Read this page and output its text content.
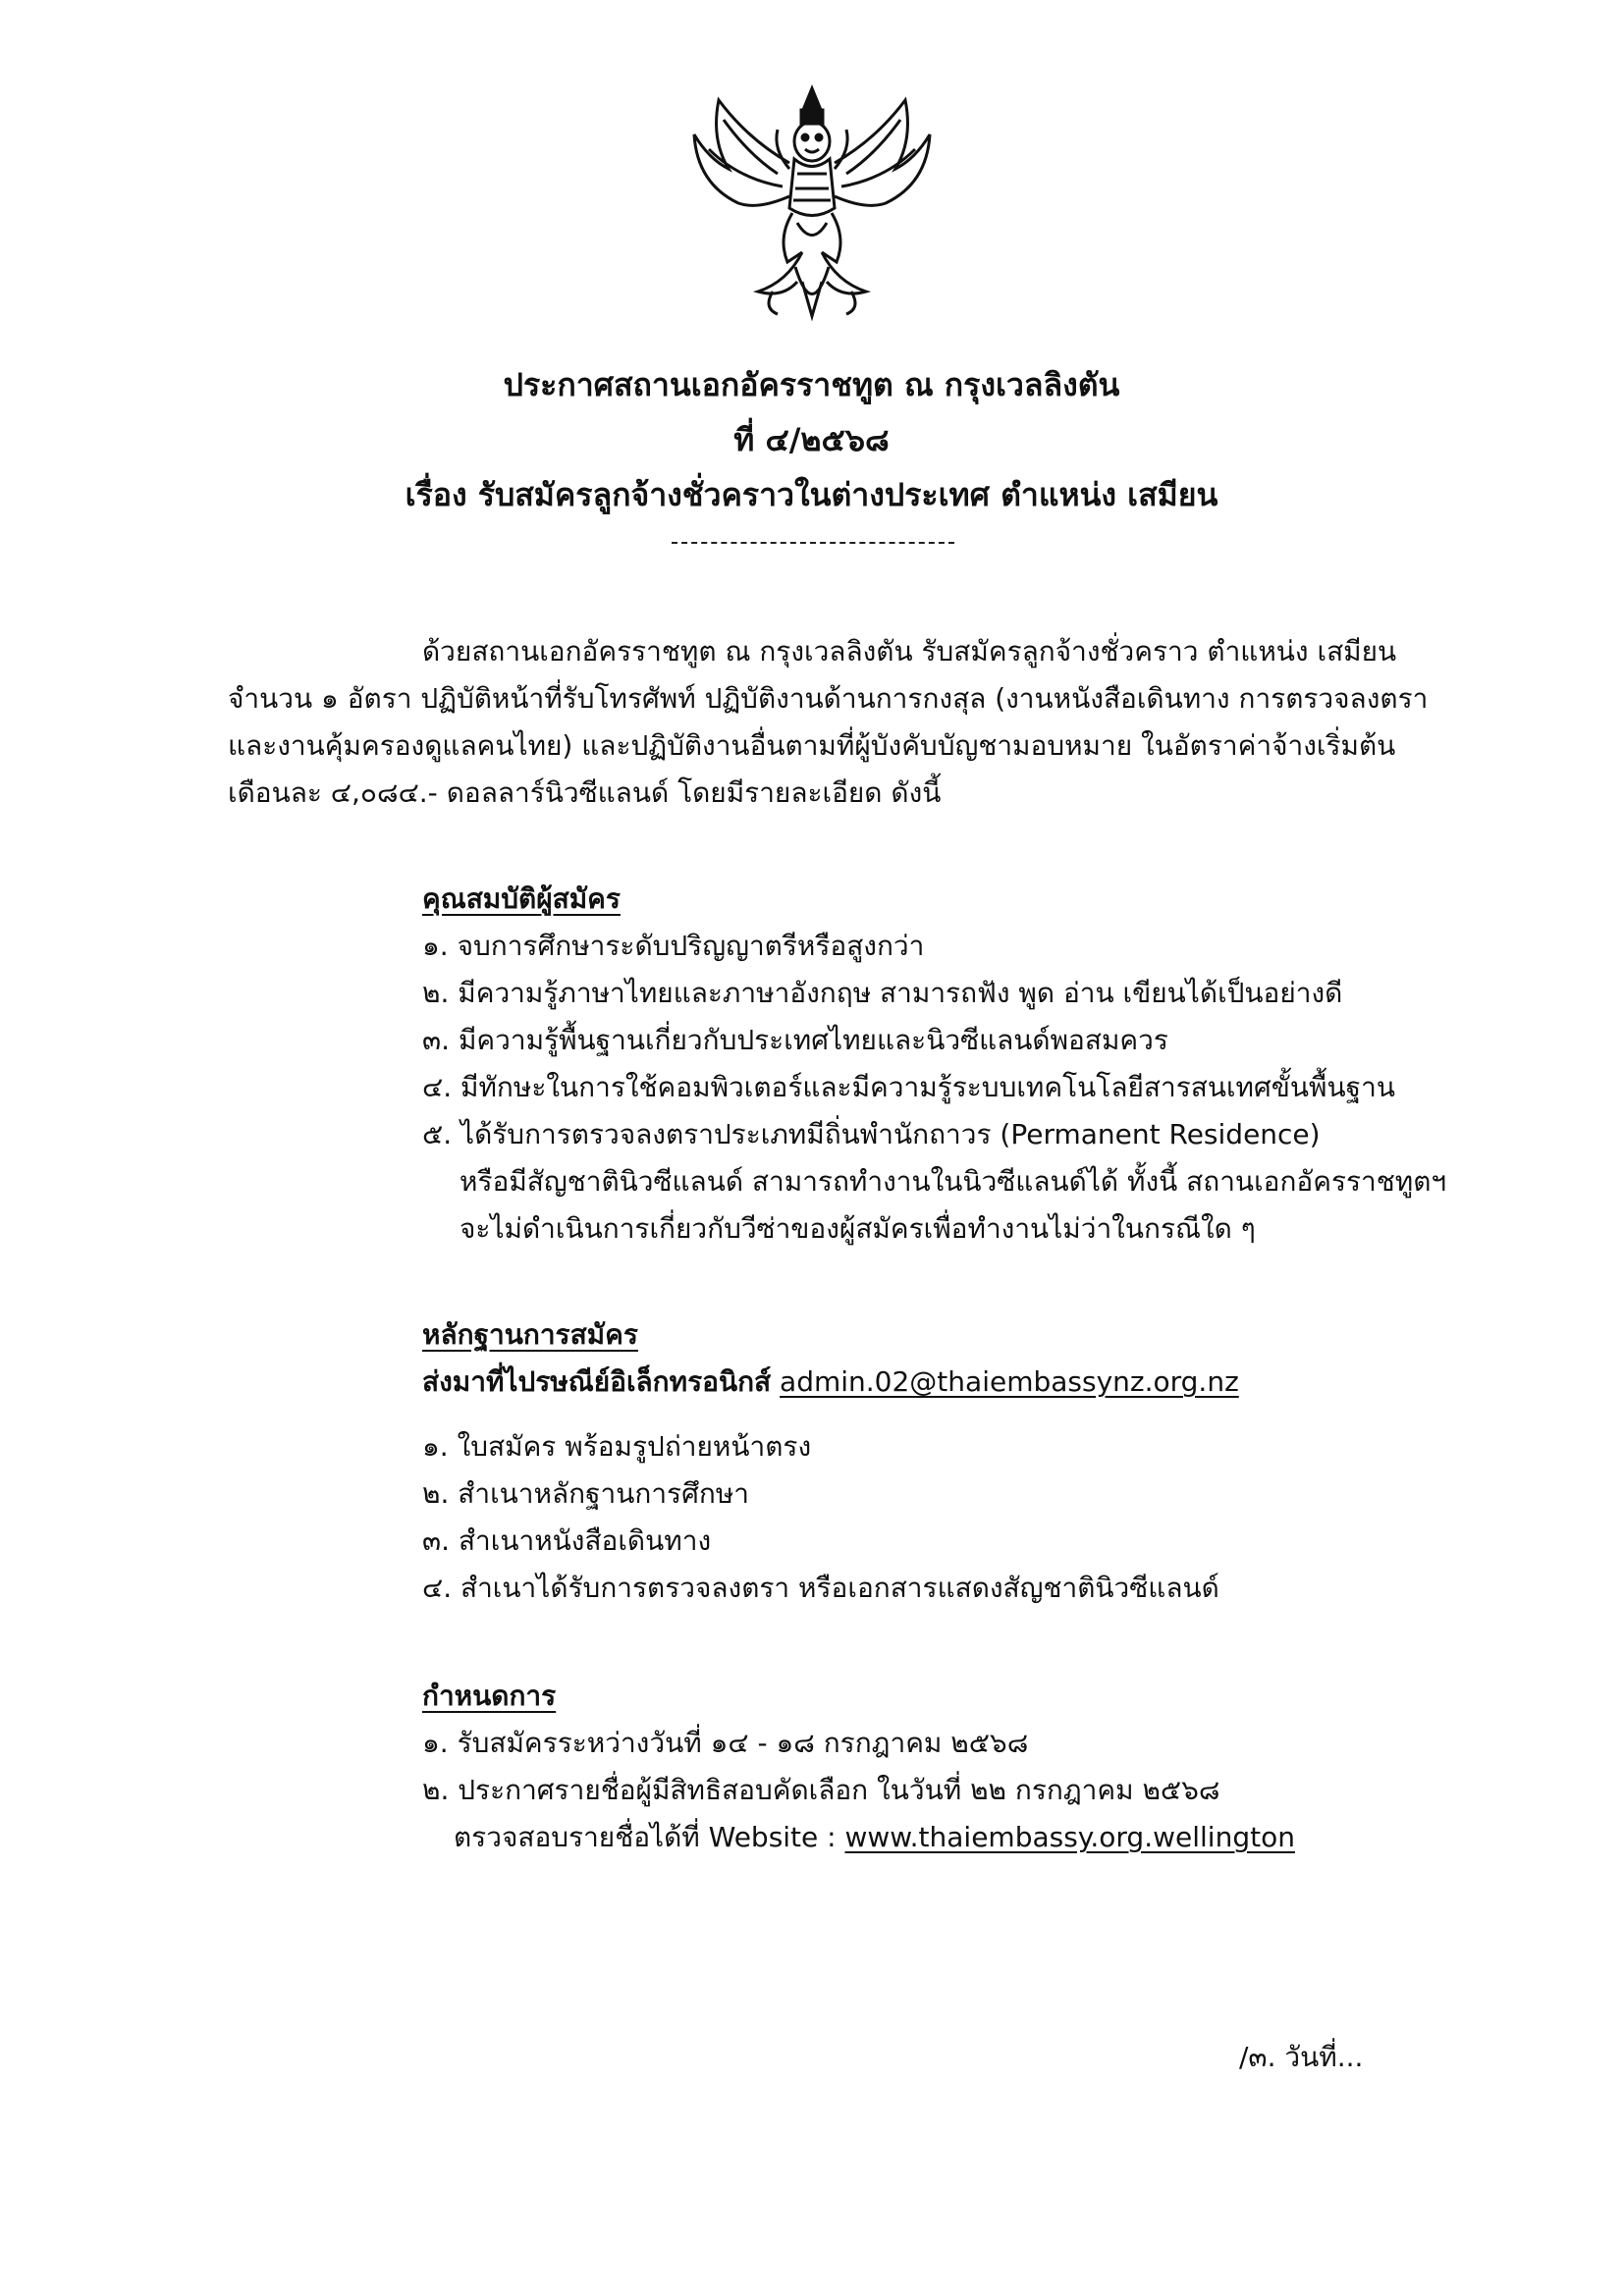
ประกาศสถานเอกอัครราชทูต ณ กรุงเวลลิงตัน
ที่ ๔/๒๕๖๘
เรื่อง รับสมัครลูกจ้างชั่วคราวในต่างประเทศ ตำแหน่ง เสมียน
ด้วยสถานเอกอัครราชทูต ณ กรุงเวลลิงตัน รับสมัครลูกจ้างชั่วคราว ตำแหน่ง เสมียน
จำนวน ๑ อัตรา ปฏิบัติหน้าที่รับโทรศัพท์ ปฏิบัติงานด้านการกงสุล (งานหนังสือเดินทาง การตรวจลงตรา
และงานคุ้มครองดูแลคนไทย) และปฏิบัติงานอื่นตามที่ผู้บังคับบัญชามอบหมาย ในอัตราค่าจ้างเริ่มต้น
เดือนละ ๔,๐๘๔.- ดอลลาร์นิวซีแลนด์ โดยมีรายละเอียด ดังนี้
คุณสมบัติผู้สมัคร
๑. จบการศึกษาระดับปริญญาตรีหรือสูงกว่า
๒. มีความรู้ภาษาไทยและภาษาอังกฤษ สามารถฟัง พูด อ่าน เขียนได้เป็นอย่างดี
๓. มีความรู้พื้นฐานเกี่ยวกับประเทศไทยและนิวซีแลนด์พอสมควร
๔. มีทักษะในการใช้คอมพิวเตอร์และมีความรู้ระบบเทคโนโลยีสารสนเทศขั้นพื้นฐาน
๕. ได้รับการตรวจลงตราประเภทมีถิ่นพำนักถาวร (Permanent Residence)
หรือมีสัญชาตินิวซีแลนด์ สามารถทำงานในนิวซีแลนด์ได้ ทั้งนี้ สถานเอกอัครราชทูตฯ
จะไม่ดำเนินการเกี่ยวกับวีซ่าของผู้สมัครเพื่อทำงานไม่ว่าในกรณีใด ๆ
หลักฐานการสมัคร
ส่งมาที่ไปรษณีย์อิเล็กทรอนิกส์ admin.02@thaiembassynz.org.nz
๑. ใบสมัคร พร้อมรูปถ่ายหน้าตรง
๒. สำเนาหลักฐานการศึกษา
๓. สำเนาหนังสือเดินทาง
๔. สำเนาได้รับการตรวจลงตรา หรือเอกสารแสดงสัญชาตินิวซีแลนด์
กำหนดการ
๑. รับสมัครระหว่างวันที่ ๑๔ - ๑๘ กรกฎาคม ๒๕๖๘
๒. ประกาศรายชื่อผู้มีสิทธิสอบคัดเลือก ในวันที่ ๒๒ กรกฎาคม ๒๕๖๘
ตรวจสอบรายชื่อได้ที่ Website : www.thaiembassy.org.wellington
/๓. วันที่...
